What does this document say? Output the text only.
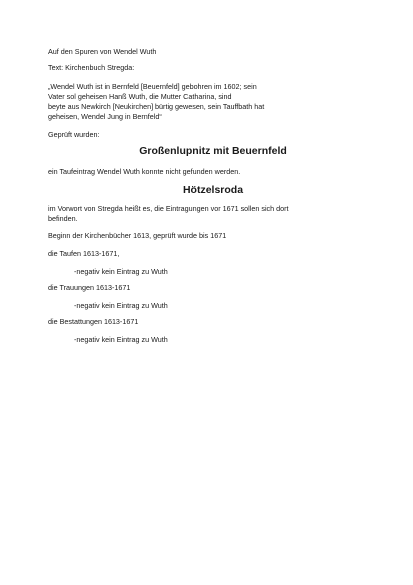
Auf den Spuren von Wendel Wuth

Text: Kirchenbuch Stregda:

„Wendel Wuth ist in Bernfeld [Beuernfeld] gebohren im 1602; sein
Vater sol geheisen Hanß Wuth, die Mutter Catharina, sind
beyte aus Newkirch [Neukirchen] bürtig gewesen, sein Tauffbath hat
geheisen, Wendel Jung in Bernfeld“

Geprüft wurden:

Großenlupnitz mit Beuernfeld

ein Taufeintrag Wendel Wuth konnte nicht gefunden werden.

Hötzelsroda

im Vorwort von Stregda heißt es, die Eintragungen vor 1671 sollen sich dort
befinden.

Beginn der Kirchenbücher 1613, geprüft wurde bis 1671

die Taufen 1613-1671,
-negativ kein Eintrag zu Wuth
die Trauungen 1613-1671
-negativ kein Eintrag zu Wuth
die Bestattungen 1613-1671
-negativ kein Eintrag zu Wuth
